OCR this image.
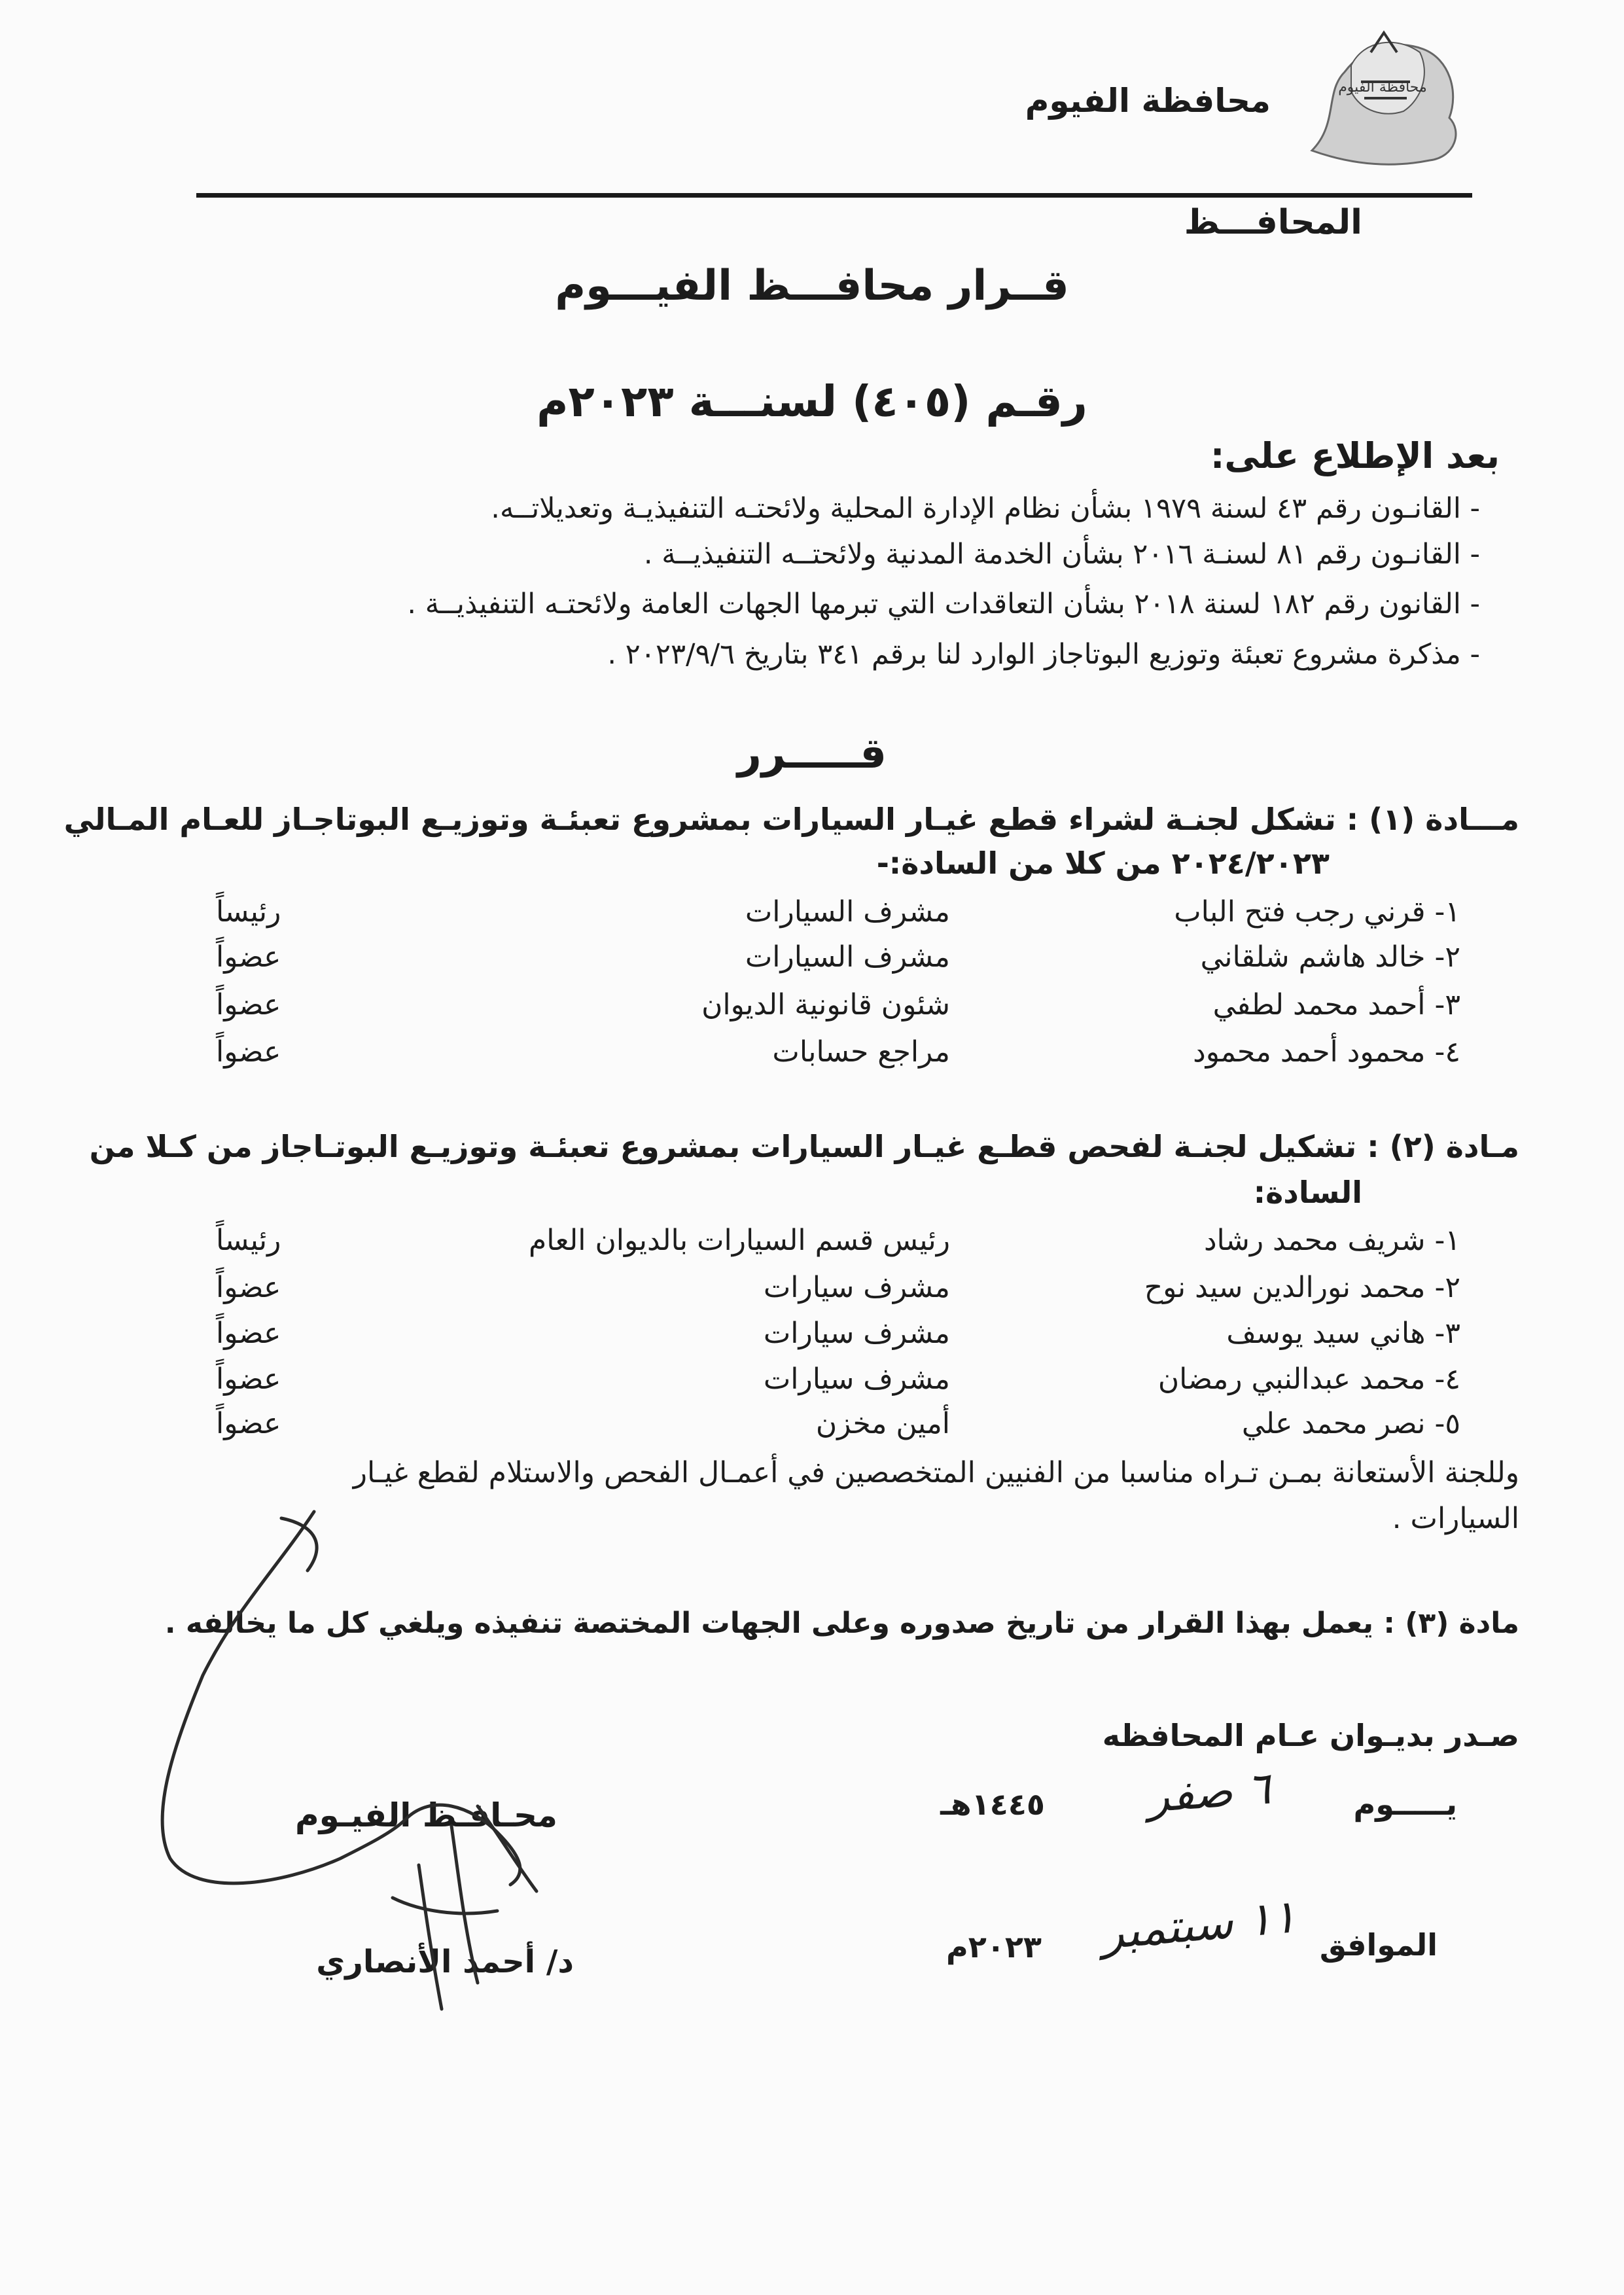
محافظة الفيوم
محافظة الفيوم
المحافـــظ
قــرار محافـــظ الفيـــوم
رقـم (٤٠٥) لسنـــة ٢٠٢٣م
بعد الإطلاع على:
- القانـون رقم ٤٣ لسنة ١٩٧٩ بشأن نظام الإدارة المحلية ولائحتـه التنفيذيـة وتعديلاتــه.
- القانـون رقم ٨١ لسنـة ٢٠١٦ بشأن الخدمة المدنية ولائحتــه التنفيذيــة .
- القانون رقم ١٨٢ لسنة ٢٠١٨ بشأن التعاقدات التي تبرمها الجهات العامة ولائحتـه التنفيذيــة .
- مذكرة مشروع تعبئة وتوزيع البوتاجاز الوارد لنا برقم ٣٤١ بتاريخ ٢٠٢٣/٩/٦ .
قـــــرر
مـــادة (١) : تشكل لجنـة لشراء قطع غيـار السيارات بمشروع تعبئـة وتوزيـع البوتاجـاز للعـام المـالي
٢٠٢٤/٢٠٢٣ من كلا من السادة:-
١- قرني رجب فتح الباب
مشرف السيارات
رئيساً
٢- خالد هاشم شلقاني
مشرف السيارات
عضواً
٣- أحمد محمد لطفي
شئون قانونية الديوان
عضواً
٤- محمود أحمد محمود
مراجع حسابات
عضواً
مـادة (٢) : تشكيل لجنـة لفحص قطـع غيـار السيارات بمشروع تعبئـة وتوزيـع البوتـاجاز من كـلا من
السادة:
١- شريف محمد رشاد
رئيس قسم السيارات بالديوان العام
رئيساً
٢- محمد نورالدين سيد نوح
مشرف سيارات
عضواً
٣- هاني سيد يوسف
مشرف سيارات
عضواً
٤- محمد عبدالنبي رمضان
مشرف سيارات
عضواً
٥- نصر محمد علي
أمين مخزن
عضواً
وللجنة الأستعانة بمـن تـراه مناسبا من الفنيين المتخصصين في أعمـال الفحص والاستلام لقطع غيـار
السيارات .
مادة (٣) : يعمل بهذا القرار من تاريخ صدوره وعلى الجهات المختصة تنفيذه ويلغي كل ما يخالفه .
صـدر بديـوان عـام المحافظه
يـــــوم
٦ صفر
١٤٤٥هـ
الموافق
١١ سبتمبر
٢٠٢٣م
محـافـظ الفيـوم
د/ أحمد الأنصاري
